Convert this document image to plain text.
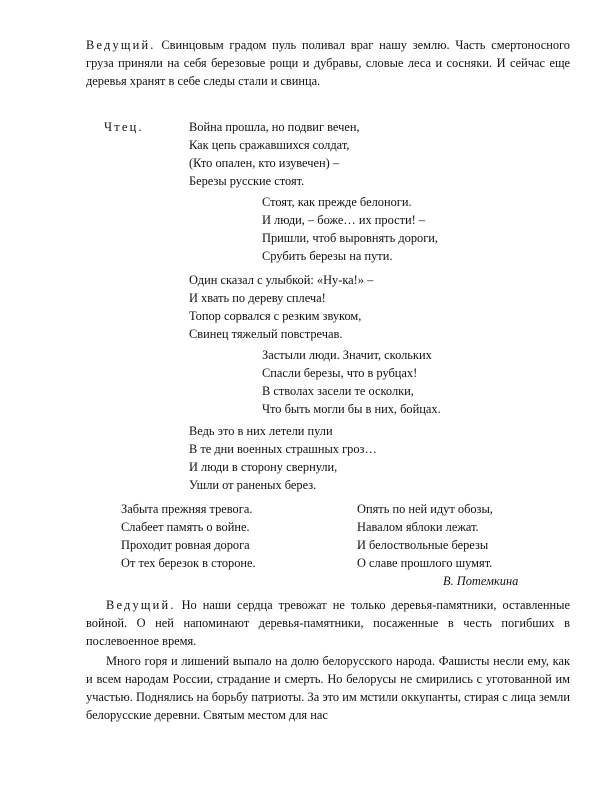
Ведущий. Свинцовым градом пуль поливал враг нашу землю. Часть смертоносного груза приняли на себя березовые рощи и дубравы, словые леса и сосняки. И сейчас еще деревья хранят в себе следы стали и свинца.

Чтец.	Война прошла, но подвиг вечен,
Как цепь сражавшихся солдат,
(Кто опален, кто изувечен) –
Березы русские стоят.
Стоят, как прежде белоноги.
И люди, – боже… их прости! –
Пришли, чтоб выровнять дороги,
Срубить березы на пути.
Один сказал с улыбкой: «Ну-ка!» –
И хвать по дереву сплеча!
Топор сорвался с резким звуком,
Свинец тяжелый повстречав.
Застыли люди. Значит, скольких
Спасли березы, что в рубцах!
В стволах засели те осколки,
Что быть могли бы в них, бойцах.
Ведь это в них летели пули
В те дни военных страшных гроз…
И люди в сторону свернули,
Ушли от раненых берез.
Забыта прежняя тревога.
Слабеет память о войне.
Проходит ровная дорога
От тех березок в стороне.
Опять по ней идут обозы,
Навалом яблоки лежат.
И белоствольные березы
О славе прошлого шумят.
В. Потемкина

Ведущий. Но наши сердца тревожат не только деревья-памятники, оставленные войной. О ней напоминают деревья-памятники, посаженные в честь погибших в послевоенное время.

Много горя и лишений выпало на долю белорусского народа. Фашисты несли ему, как и всем народам России, страдание и смерть. Но белорусы не смирились с уготованной им участью. Поднялись на борьбу патриоты. За это им мстили оккупанты, стирая с лица земли белорусские деревни. Святым местом для нас
